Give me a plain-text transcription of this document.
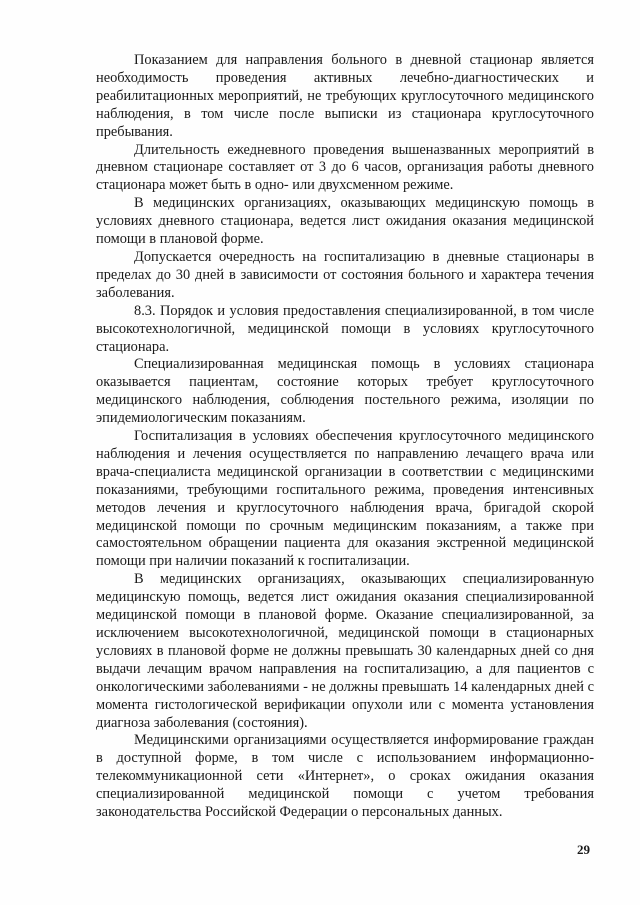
Показанием для направления больного в дневной стационар является необходимость проведения активных лечебно-диагностических и реабилитационных мероприятий, не требующих круглосуточного медицинского наблюдения, в том числе после выписки из стационара круглосуточного пребывания.

Длительность ежедневного проведения вышеназванных мероприятий в дневном стационаре составляет от 3 до 6 часов, организация работы дневного стационара может быть в одно- или двухсменном режиме.

В медицинских организациях, оказывающих медицинскую помощь в условиях дневного стационара, ведется лист ожидания оказания медицинской помощи в плановой форме.

Допускается очередность на госпитализацию в дневные стационары в пределах до 30 дней в зависимости от состояния больного и характера течения заболевания.

8.3. Порядок и условия предоставления специализированной, в том числе высокотехнологичной, медицинской помощи в условиях круглосуточного стационара.

Специализированная медицинская помощь в условиях стационара оказывается пациентам, состояние которых требует круглосуточного медицинского наблюдения, соблюдения постельного режима, изоляции по эпидемиологическим показаниям.

Госпитализация в условиях обеспечения круглосуточного медицинского наблюдения и лечения осуществляется по направлению лечащего врача или врача-специалиста медицинской организации в соответствии с медицинскими показаниями, требующими госпитального режима, проведения интенсивных методов лечения и круглосуточного наблюдения врача, бригадой скорой медицинской помощи по срочным медицинским показаниям, а также при самостоятельном обращении пациента для оказания экстренной медицинской помощи при наличии показаний к госпитализации.

В медицинских организациях, оказывающих специализированную медицинскую помощь, ведется лист ожидания оказания специализированной медицинской помощи в плановой форме. Оказание специализированной, за исключением высокотехнологичной, медицинской помощи в стационарных условиях в плановой форме не должны превышать 30 календарных дней со дня выдачи лечащим врачом направления на госпитализацию, а для пациентов с онкологическими заболеваниями - не должны превышать 14 календарных дней с момента гистологической верификации опухоли или с момента установления диагноза заболевания (состояния).

Медицинскими организациями осуществляется информирование граждан в доступной форме, в том числе с использованием информационно-телекоммуникационной сети «Интернет», о сроках ожидания оказания специализированной медицинской помощи с учетом требования законодательства Российской Федерации о персональных данных.

29
